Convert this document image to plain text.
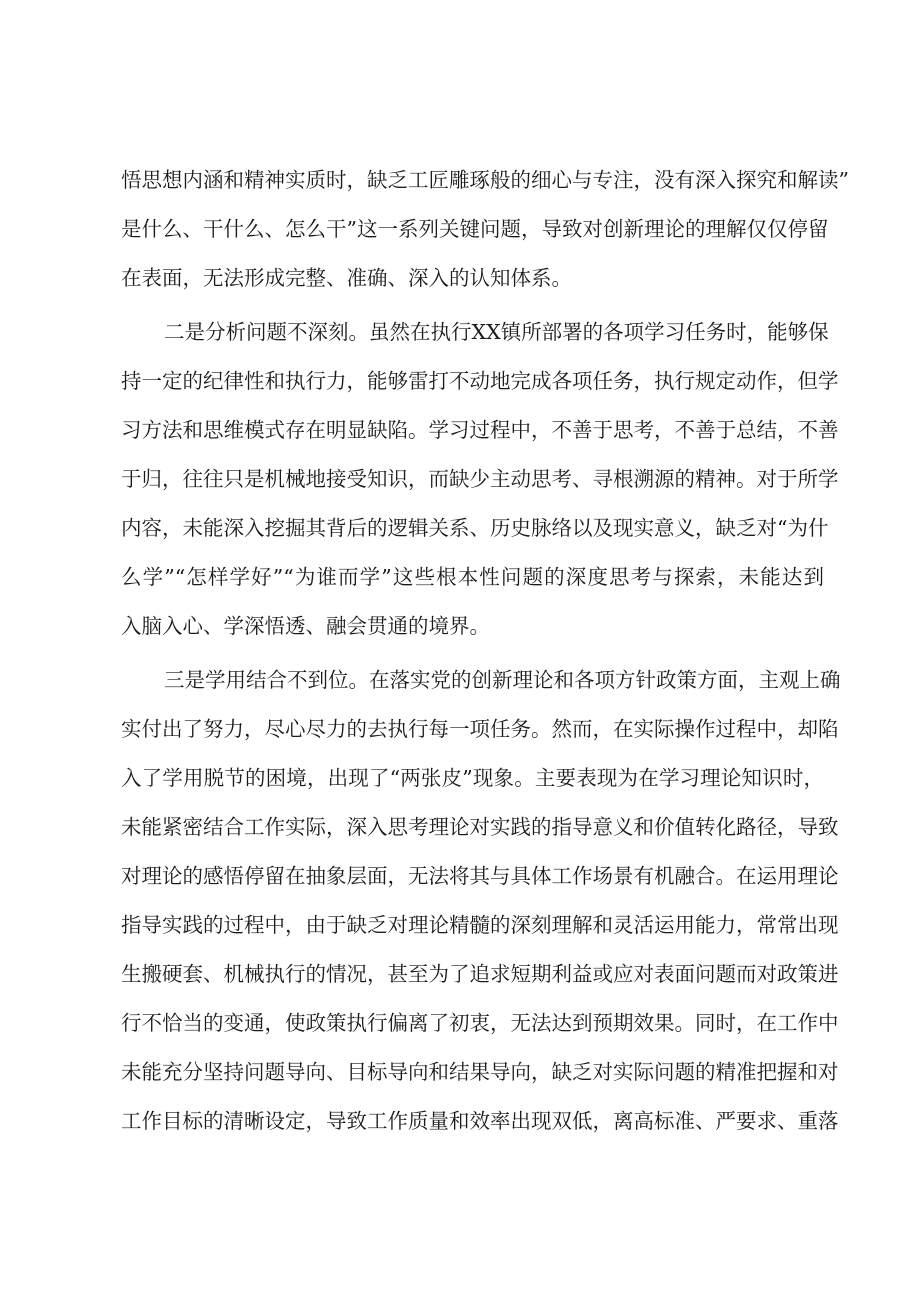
悟思想内涵和精神实质时，缺乏工匠雕琢般的细心与专注，没有深入探究和解读”
是什么、干什么、怎么干”这一系列关键问题，导致对创新理论的理解仅仅停留
在表面，无法形成完整、准确、深入的认知体系。
二是分析问题不深刻。虽然在执行XX镇所部署的各项学习任务时，能够保
持一定的纪律性和执行力，能够雷打不动地完成各项任务，执行规定动作，但学
习方法和思维模式存在明显缺陷。学习过程中，不善于思考，不善于总结，不善
于归，往往只是机械地接受知识，而缺少主动思考、寻根溯源的精神。对于所学
内容，未能深入挖掘其背后的逻辑关系、历史脉络以及现实意义，缺乏对“为什
么学”“怎样学好”“为谁而学”这些根本性问题的深度思考与探索，未能达到
入脑入心、学深悟透、融会贯通的境界。
三是学用结合不到位。在落实党的创新理论和各项方针政策方面，主观上确
实付出了努力，尽心尽力的去执行每一项任务。然而，在实际操作过程中，却陷
入了学用脱节的困境，出现了“两张皮”现象。主要表现为在学习理论知识时，
未能紧密结合工作实际，深入思考理论对实践的指导意义和价值转化路径，导致
对理论的感悟停留在抽象层面，无法将其与具体工作场景有机融合。在运用理论
指导实践的过程中，由于缺乏对理论精髓的深刻理解和灵活运用能力，常常出现
生搬硬套、机械执行的情况，甚至为了追求短期利益或应对表面问题而对政策进
行不恰当的变通，使政策执行偏离了初衷，无法达到预期效果。同时，在工作中
未能充分坚持问题导向、目标导向和结果导向，缺乏对实际问题的精准把握和对
工作目标的清晰设定，导致工作质量和效率出现双低，离高标准、严要求、重落
